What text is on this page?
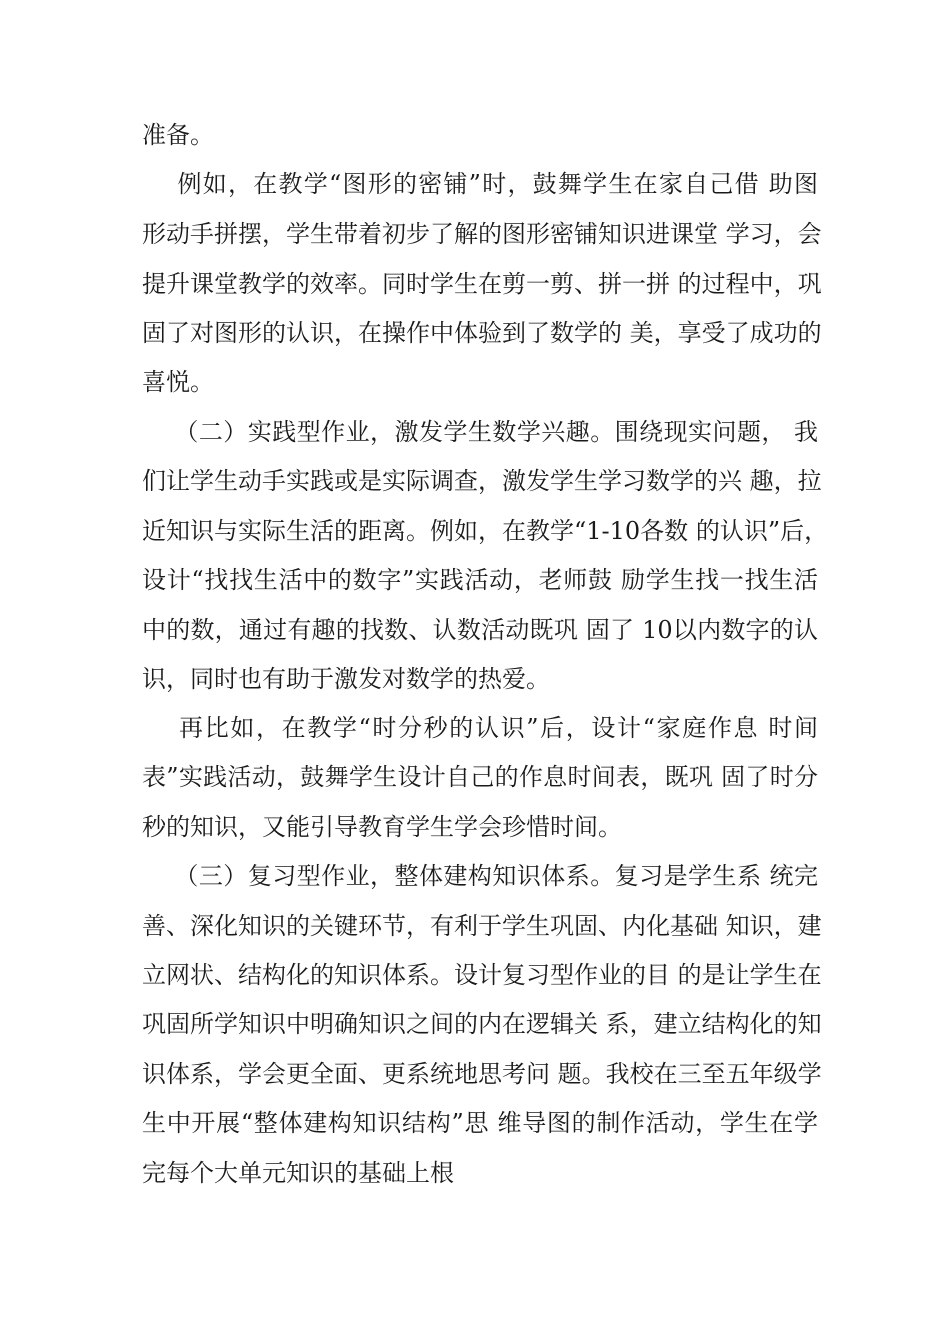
准备。

例如，在教学“图形的密铺”时，鼓舞学生在家自己借 助图

形动手拼摆，学生带着初步了解的图形密铺知识进课堂 学习，会

提升课堂教学的效率。同时学生在剪一剪、拼一拼 的过程中，巩

固了对图形的认识，在操作中体验到了数学的 美，享受了成功的

喜悦。

（二）实践型作业，激发学生数学兴趣。围绕现实问题， 我

们让学生动手实践或是实际调查，激发学生学习数学的兴 趣，拉

近知识与实际生活的距离。例如，在教学“1-10各数 的认识”后，

设计“找找生活中的数字”实践活动，老师鼓 励学生找一找生活

中的数，通过有趣的找数、认数活动既巩 固了 10以内数字的认

识，同时也有助于激发对数学的热爱。

再比如，在教学“时分秒的认识”后，设计“家庭作息 时间

表”实践活动，鼓舞学生设计自己的作息时间表，既巩 固了时分

秒的知识，又能引导教育学生学会珍惜时间。

（三）复习型作业，整体建构知识体系。复习是学生系 统完

善、深化知识的关键环节，有利于学生巩固、内化基础 知识，建

立网状、结构化的知识体系。设计复习型作业的目 的是让学生在

巩固所学知识中明确知识之间的内在逻辑关 系，建立结构化的知

识体系，学会更全面、更系统地思考问 题。我校在三至五年级学

生中开展“整体建构知识结构”思 维导图的制作活动，学生在学

完每个大单元知识的基础上根
